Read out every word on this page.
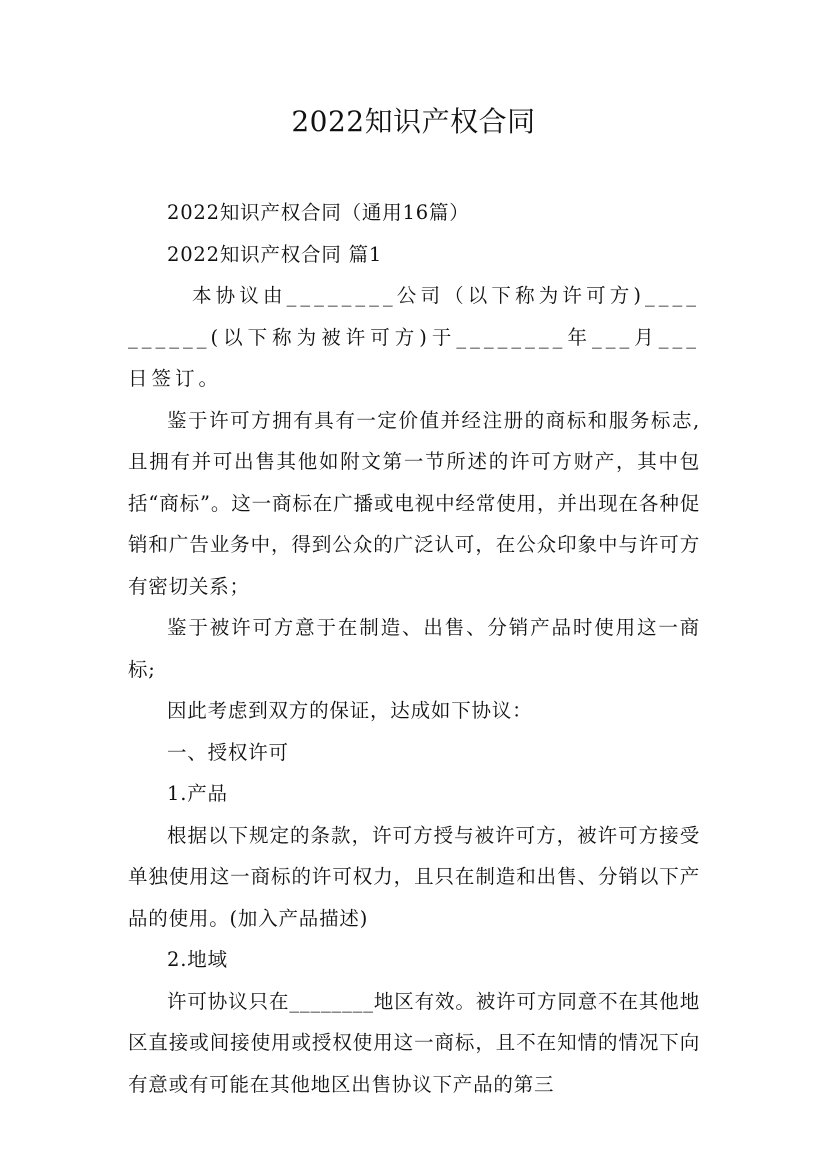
2022知识产权合同

2022知识产权合同（通用16篇）

2022知识产权合同 篇1

本协议由________公司（以下称为许可方)__________(以下称为被许可方)于________年___月___日签订。

鉴于许可方拥有具有一定价值并经注册的商标和服务标志,且拥有并可出售其他如附文第一节所述的许可方财产，其中包括“商标”。这一商标在广播或电视中经常使用，并出现在各种促销和广告业务中，得到公众的广泛认可，在公众印象中与许可方有密切关系；

鉴于被许可方意于在制造、出售、分销产品时使用这一商标;

因此考虑到双方的保证，达成如下协议：

一、授权许可

1.产品

根据以下规定的条款，许可方授与被许可方，被许可方接受单独使用这一商标的许可权力，且只在制造和出售、分销以下产品的使用。(加入产品描述)

2.地域

许可协议只在________地区有效。被许可方同意不在其他地区直接或间接使用或授权使用这一商标，且不在知情的情况下向有意或有可能在其他地区出售协议下产品的第三
